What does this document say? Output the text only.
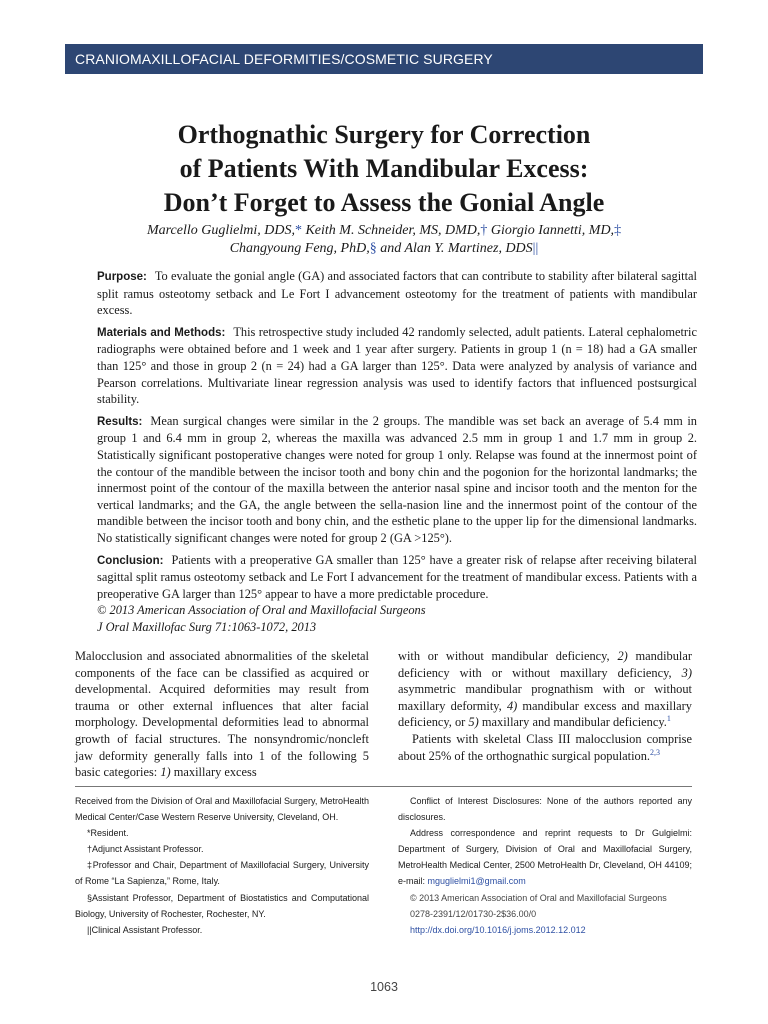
CRANIOMAXILLOFACIAL DEFORMITIES/COSMETIC SURGERY
Orthognathic Surgery for Correction
of Patients With Mandibular Excess:
Don’t Forget to Assess the Gonial Angle
Marcello Guglielmi, DDS,* Keith M. Schneider, MS, DMD,† Giorgio Iannetti, MD,‡
Changyoung Feng, PhD,§ and Alan Y. Martinez, DDS||

Purpose: To evaluate the gonial angle (GA) and associated factors that can contribute to stability after bilateral sagittal split ramus osteotomy setback and Le Fort I advancement osteotomy for the treatment of patients with mandibular excess.

Materials and Methods: This retrospective study included 42 randomly selected, adult patients. Lateral cephalometric radiographs were obtained before and 1 week and 1 year after surgery. Patients in group 1 (n = 18) had a GA smaller than 125° and those in group 2 (n = 24) had a GA larger than 125°. Data were analyzed by analysis of variance and Pearson correlations. Multivariate linear regression analysis was used to identify factors that influenced postsurgical stability.

Results: Mean surgical changes were similar in the 2 groups. The mandible was set back an average of 5.4 mm in group 1 and 6.4 mm in group 2, whereas the maxilla was advanced 2.5 mm in group 1 and 1.7 mm in group 2. Statistically significant postoperative changes were noted for group 1 only. Relapse was found at the innermost point of the contour of the mandible between the incisor tooth and bony chin and the pogonion for the horizontal landmarks; the innermost point of the contour of the maxilla between the anterior nasal spine and incisor tooth and the menton for the vertical landmarks; and the GA, the angle between the sella-nasion line and the innermost point of the contour of the mandible between the incisor tooth and bony chin, and the esthetic plane to the upper lip for the dimensional landmarks. No statistically significant changes were noted for group 2 (GA >125°).

Conclusion: Patients with a preoperative GA smaller than 125° have a greater risk of relapse after receiving bilateral sagittal split ramus osteotomy setback and Le Fort I advancement for the treatment of mandibular excess. Patients with a preoperative GA larger than 125° appear to have a more predictable procedure.

© 2013 American Association of Oral and Maxillofacial Surgeons
J Oral Maxillofac Surg 71:1063-1072, 2013

Malocclusion and associated abnormalities of the skeletal components of the face can be classified as acquired or developmental. Acquired deformities may result from trauma or other external influences that alter facial morphology. Developmental deformities lead to abnormal growth of facial structures. The nonsyndromic/noncleft jaw deformity generally falls into 1 of the following 5 basic categories: 1) maxillary excess

with or without mandibular deficiency, 2) mandibular deficiency with or without maxillary deficiency, 3) asymmetric mandibular prognathism with or without maxillary deformity, 4) mandibular excess and maxillary deficiency, or 5) maxillary and mandibular deficiency.$^1$

Patients with skeletal Class III malocclusion comprise about 25% of the orthognathic surgical population.$^{2,3}$

Received from the Division of Oral and Maxillofacial Surgery, MetroHealth Medical Center/Case Western Reserve University, Cleveland, OH.

*Resident.

†Adjunct Assistant Professor.

‡Professor and Chair, Department of Maxillofacial Surgery, University of Rome “La Sapienza,” Rome, Italy.

§Assistant Professor, Department of Biostatistics and Computational Biology, University of Rochester, Rochester, NY.

||Clinical Assistant Professor.

Conflict of Interest Disclosures: None of the authors reported any disclosures.

Address correspondence and reprint requests to Dr Gulgielmi: Department of Surgery, Division of Oral and Maxillofacial Surgery, MetroHealth Medical Center, 2500 MetroHealth Dr, Cleveland, OH 44109; e-mail: mguglielmi1@gmail.com

© 2013 American Association of Oral and Maxillofacial Surgeons

0278-2391/12/01730-2$36.00/0

http://dx.doi.org/10.1016/j.joms.2012.12.012

1063
